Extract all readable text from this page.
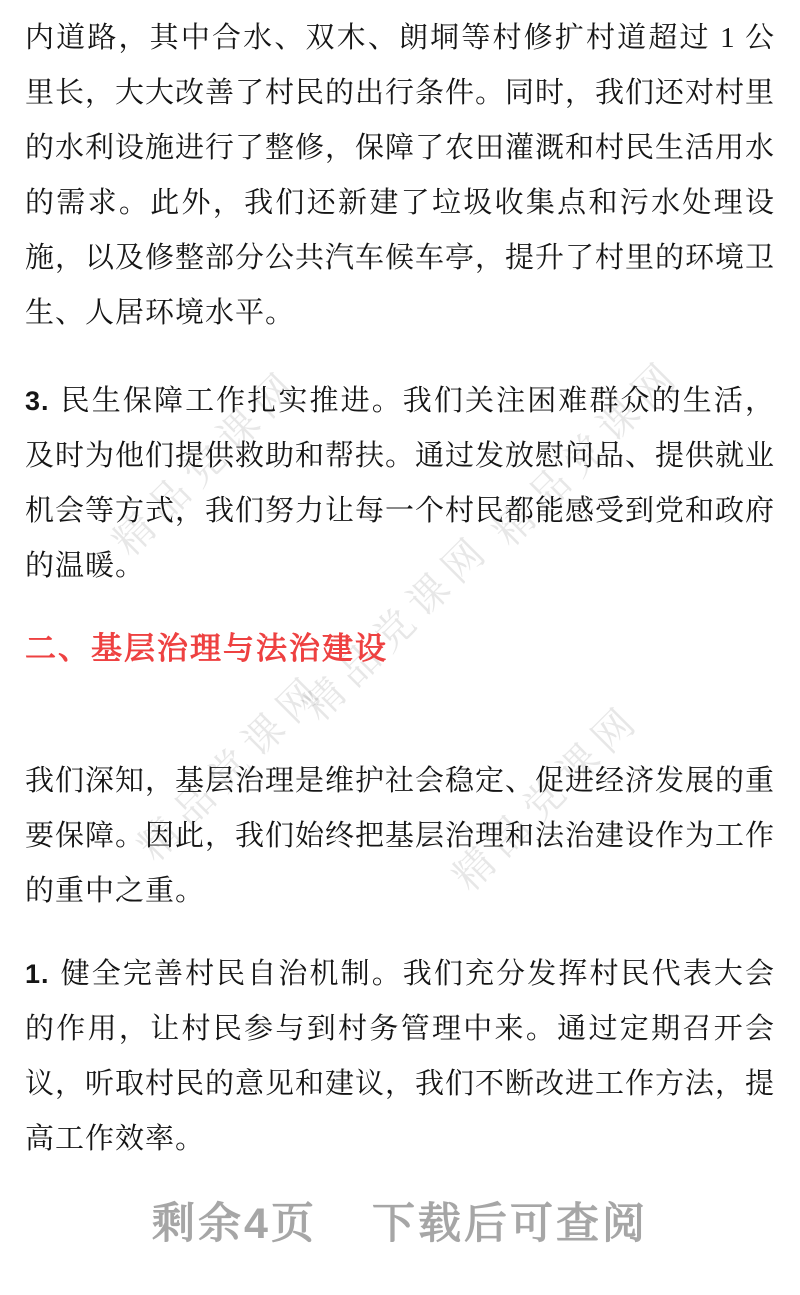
精品党课网	精品党课网
精品党课网
精品党课网	精品党课网

内道路，其中合水、双木、朗垌等村修扩村道超过 1 公里长，大大改善了村民的出行条件。同时，我们还对村里的水利设施进行了整修，保障了农田灌溉和村民生活用水的需求。此外，我们还新建了垃圾收集点和污水处理设施，以及修整部分公共汽车候车亭，提升了村里的环境卫生、人居环境水平。

3. 民生保障工作扎实推进。我们关注困难群众的生活，及时为他们提供救助和帮扶。通过发放慰问品、提供就业机会等方式，我们努力让每一个村民都能感受到党和政府的温暖。

二、基层治理与法治建设

我们深知，基层治理是维护社会稳定、促进经济发展的重要保障。因此，我们始终把基层治理和法治建设作为工作的重中之重。

1. 健全完善村民自治机制。我们充分发挥村民代表大会的作用，让村民参与到村务管理中来。通过定期召开会议，听取村民的意见和建议，我们不断改进工作方法，提高工作效率。

剩余4页 下载后可查阅
